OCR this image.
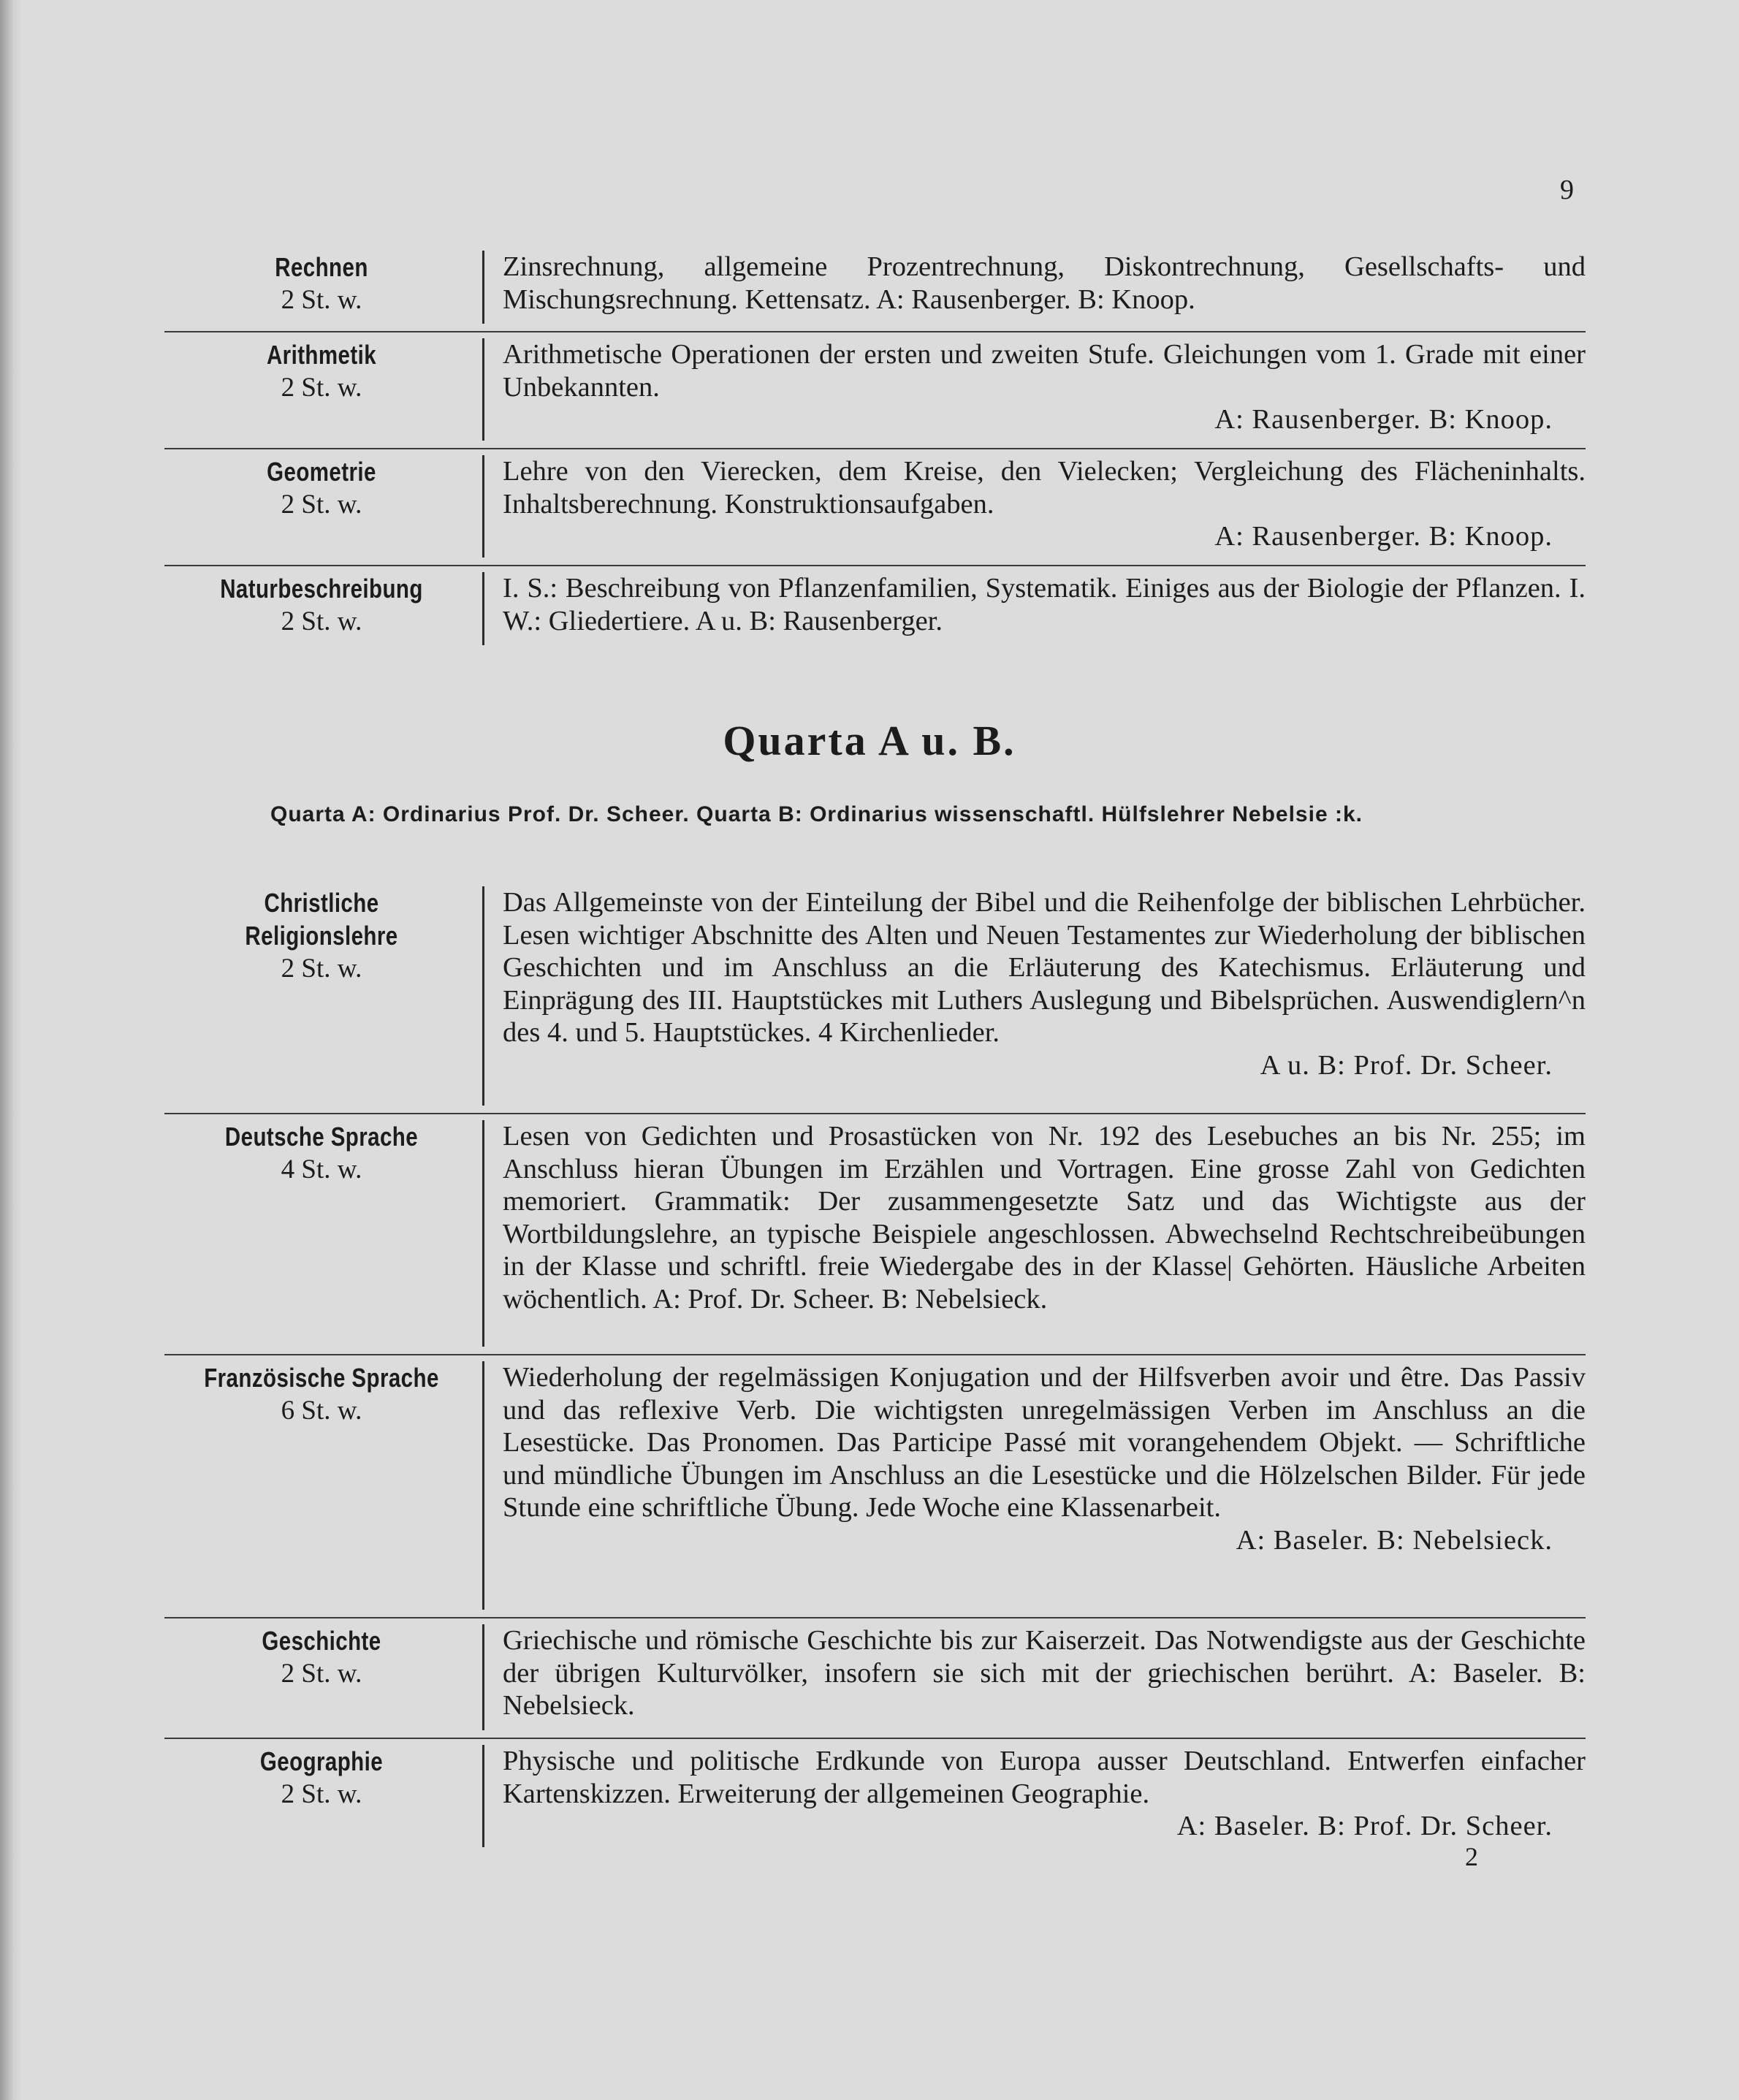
9
Rechnen
2 St. w.
Zinsrechnung, allgemeine Prozentrechnung, Diskontrechnung, Gesellschafts- und Mischungsrechnung. Kettensatz. A: Rausenberger. B: Knoop.
Arithmetik
2 St. w.
Arithmetische Operationen der ersten und zweiten Stufe. Gleichungen vom 1. Grade mit einer Unbekannten.
A: Rausenberger. B: Knoop.
Geometrie
2 St. w.
Lehre von den Vierecken, dem Kreise, den Vielecken; Vergleichung des Flächeninhalts. Inhaltsberechnung. Konstruktionsaufgaben.
A: Rausenberger. B: Knoop.
Naturbeschreibung
2 St. w.
I. S.: Beschreibung von Pflanzenfamilien, Systematik. Einiges aus der Biologie der Pflanzen. I. W.: Gliedertiere. A u. B: Rausenberger.
Quarta A u. B.
Quarta A: Ordinarius Prof. Dr. Scheer. Quarta B: Ordinarius wissenschaftl. Hülfslehrer Nebelsie :k.
Christliche Religionslehre
2 St. w.
Das Allgemeinste von der Einteilung der Bibel und die Reihenfolge der biblischen Lehrbücher. Lesen wichtiger Abschnitte des Alten und Neuen Testamentes zur Wiederholung der biblischen Geschichten und im Anschluss an die Erläuterung des Katechismus. Erläuterung und Einprägung des III. Hauptstückes mit Luthers Auslegung und Bibelsprüchen. Auswendiglern^n des 4. und 5. Hauptstückes. 4 Kirchenlieder.
A u. B: Prof. Dr. Scheer.
Deutsche Sprache
4 St. w.
Lesen von Gedichten und Prosastücken von Nr. 192 des Lesebuches an bis Nr. 255; im Anschluss hieran Übungen im Erzählen und Vortragen. Eine grosse Zahl von Gedichten memoriert. Grammatik: Der zusammengesetzte Satz und das Wichtigste aus der Wortbildungslehre, an typische Beispiele angeschlossen. Abwechselnd Rechtschreibeübungen in der Klasse und schriftl. freie Wiedergabe des in der Klasse| Gehörten. Häusliche Arbeiten wöchentlich. A: Prof. Dr. Scheer. B: Nebelsieck.
Französische Sprache
6 St. w.
Wiederholung der regelmässigen Konjugation und der Hilfsverben avoir und être. Das Passiv und das reflexive Verb. Die wichtigsten unregelmässigen Verben im Anschluss an die Lesestücke. Das Pronomen. Das Participe Passé mit vorangehendem Objekt. — Schriftliche und mündliche Übungen im Anschluss an die Lesestücke und die Hölzelschen Bilder. Für jede Stunde eine schriftliche Übung. Jede Woche eine Klassenarbeit.
A: Baseler. B: Nebelsieck.
Geschichte
2 St. w.
Griechische und römische Geschichte bis zur Kaiserzeit. Das Notwendigste aus der Geschichte der übrigen Kulturvölker, insofern sie sich mit der griechischen berührt. A: Baseler. B: Nebelsieck.
Geographie
2 St. w.
Physische und politische Erdkunde von Europa ausser Deutschland. Entwerfen einfacher Kartenskizzen. Erweiterung der allgemeinen Geographie.
A: Baseler. B: Prof. Dr. Scheer.
2
